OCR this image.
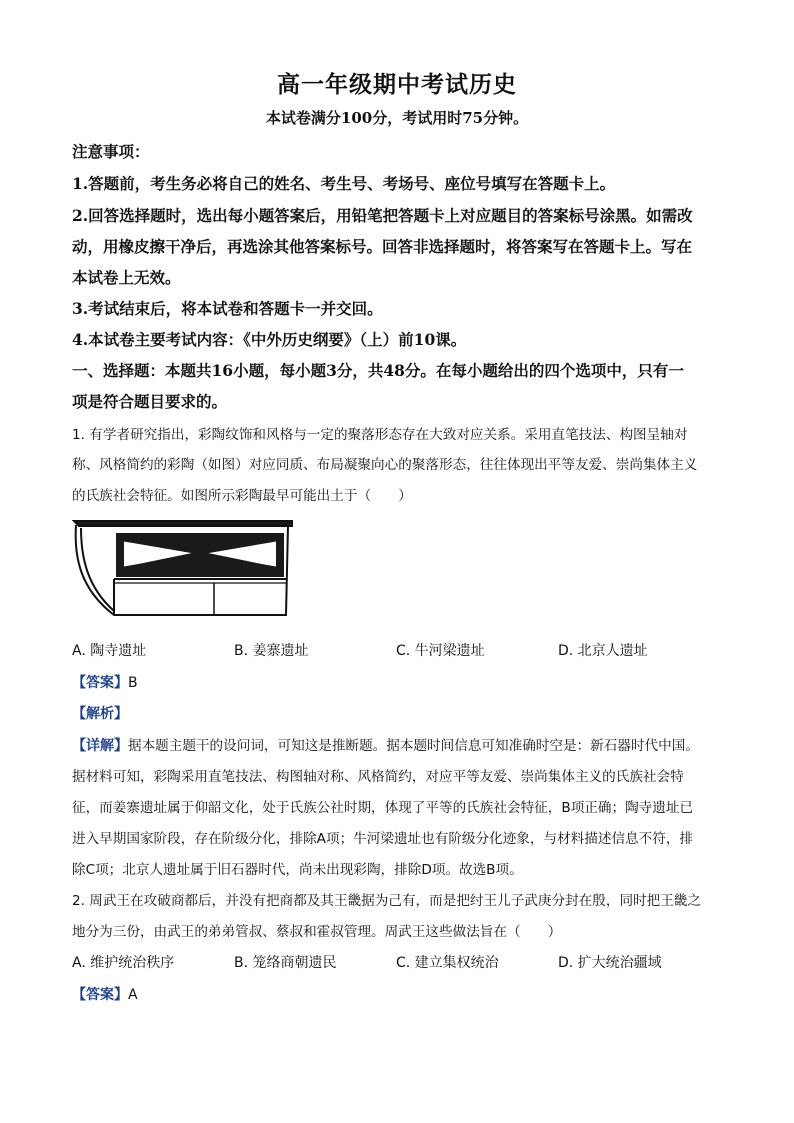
高一年级期中考试历史
本试卷满分100分，考试用时75分钟。
注意事项：
1.答题前，考生务必将自己的姓名、考生号、考场号、座位号填写在答题卡上。
2.回答选择题时，选出每小题答案后，用铅笔把答题卡上对应题目的答案标号涂黑。如需改
动，用橡皮擦干净后，再选涂其他答案标号。回答非选择题时，将答案写在答题卡上。写在
本试卷上无效。
3.考试结束后，将本试卷和答题卡一并交回。
4.本试卷主要考试内容：《中外历史纲要》（上）前10课。
一、选择题：本题共16小题，每小题3分，共48分。在每小题给出的四个选项中，只有一
项是符合题目要求的。
1. 有学者研究指出，彩陶纹饰和风格与一定的聚落形态存在大致对应关系。采用直笔技法、构图呈轴对
称、风格简约的彩陶（如图）对应同质、布局凝聚向心的聚落形态，往往体现出平等友爱、崇尚集体主义
的氏族社会特征。如图所示彩陶最早可能出土于（　　）
A. 陶寺遗址	B. 姜寨遗址	C. 牛河梁遗址	D. 北京人遗址
【答案】B
【解析】
【详解】据本题主题干的设问词，可知这是推断题。据本题时间信息可知准确时空是：新石器时代中国。
据材料可知，彩陶采用直笔技法、构图轴对称、风格简约，对应平等友爱、崇尚集体主义的氏族社会特
征，而姜寨遗址属于仰韶文化，处于氏族公社时期，体现了平等的氏族社会特征，B项正确；陶寺遗址已
进入早期国家阶段，存在阶级分化，排除A项；牛河梁遗址也有阶级分化迹象，与材料描述信息不符，排
除C项；北京人遗址属于旧石器时代，尚未出现彩陶，排除D项。故选B项。
2. 周武王在攻破商都后，并没有把商都及其王畿据为己有，而是把纣王儿子武庚分封在殷，同时把王畿之
地分为三份，由武王的弟弟管叔、蔡叔和霍叔管理。周武王这些做法旨在（　　）
A. 维护统治秩序	B. 笼络商朝遗民	C. 建立集权统治	D. 扩大统治疆域
【答案】A
